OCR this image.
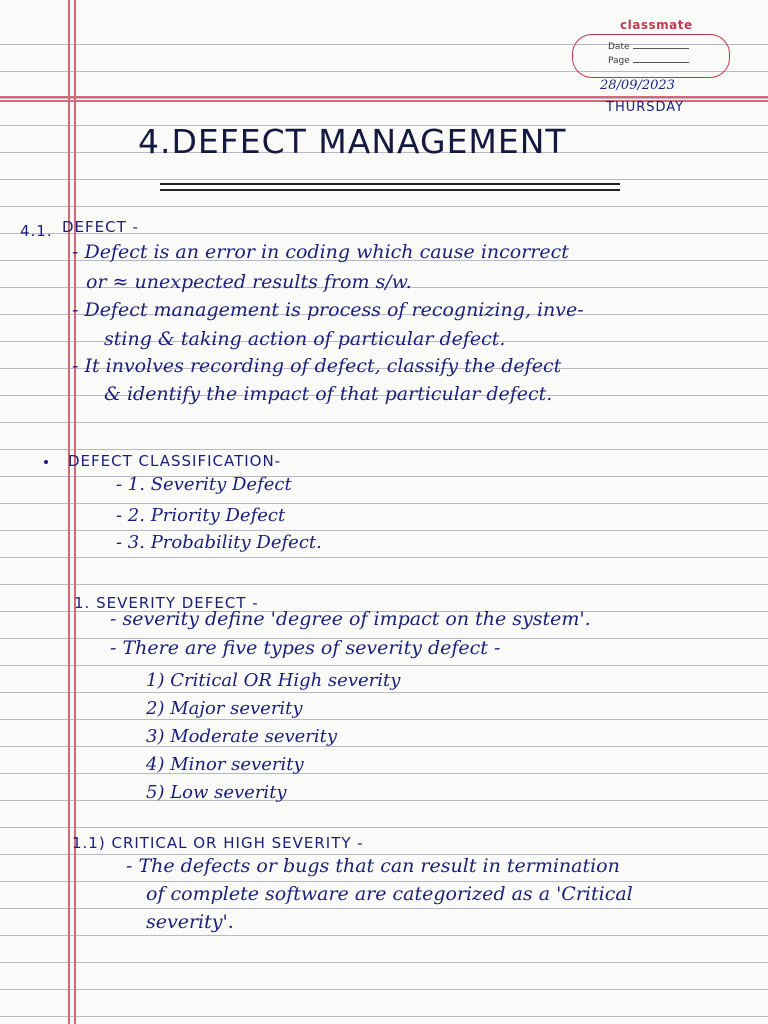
classmate
Date
Page
28/09/2023
THURSDAY
4.DEFECT MANAGEMENT
4.1. DEFECT -
- Defect is an error in coding which cause incorrect
or ≈ unexpected results from s/w.
- Defect management is process of recognizing, inve-
sting & taking action of particular defect.
- It involves recording of defect, classify the defect
& identify the impact of that particular defect.
DEFECT CLASSIFICATION-
- 1. Severity Defect
- 2. Priority Defect
- 3. Probability Defect.
1. SEVERITY DEFECT -
- severity define 'degree of impact on the system'.
- There are five types of severity defect -
1) Critical OR High severity
2) Major severity
3) Moderate severity
4) Minor severity
5) Low severity
1.1) CRITICAL OR HIGH SEVERITY -
- The defects or bugs that can result in termination
of complete software are categorized as a 'Critical
severity'.
